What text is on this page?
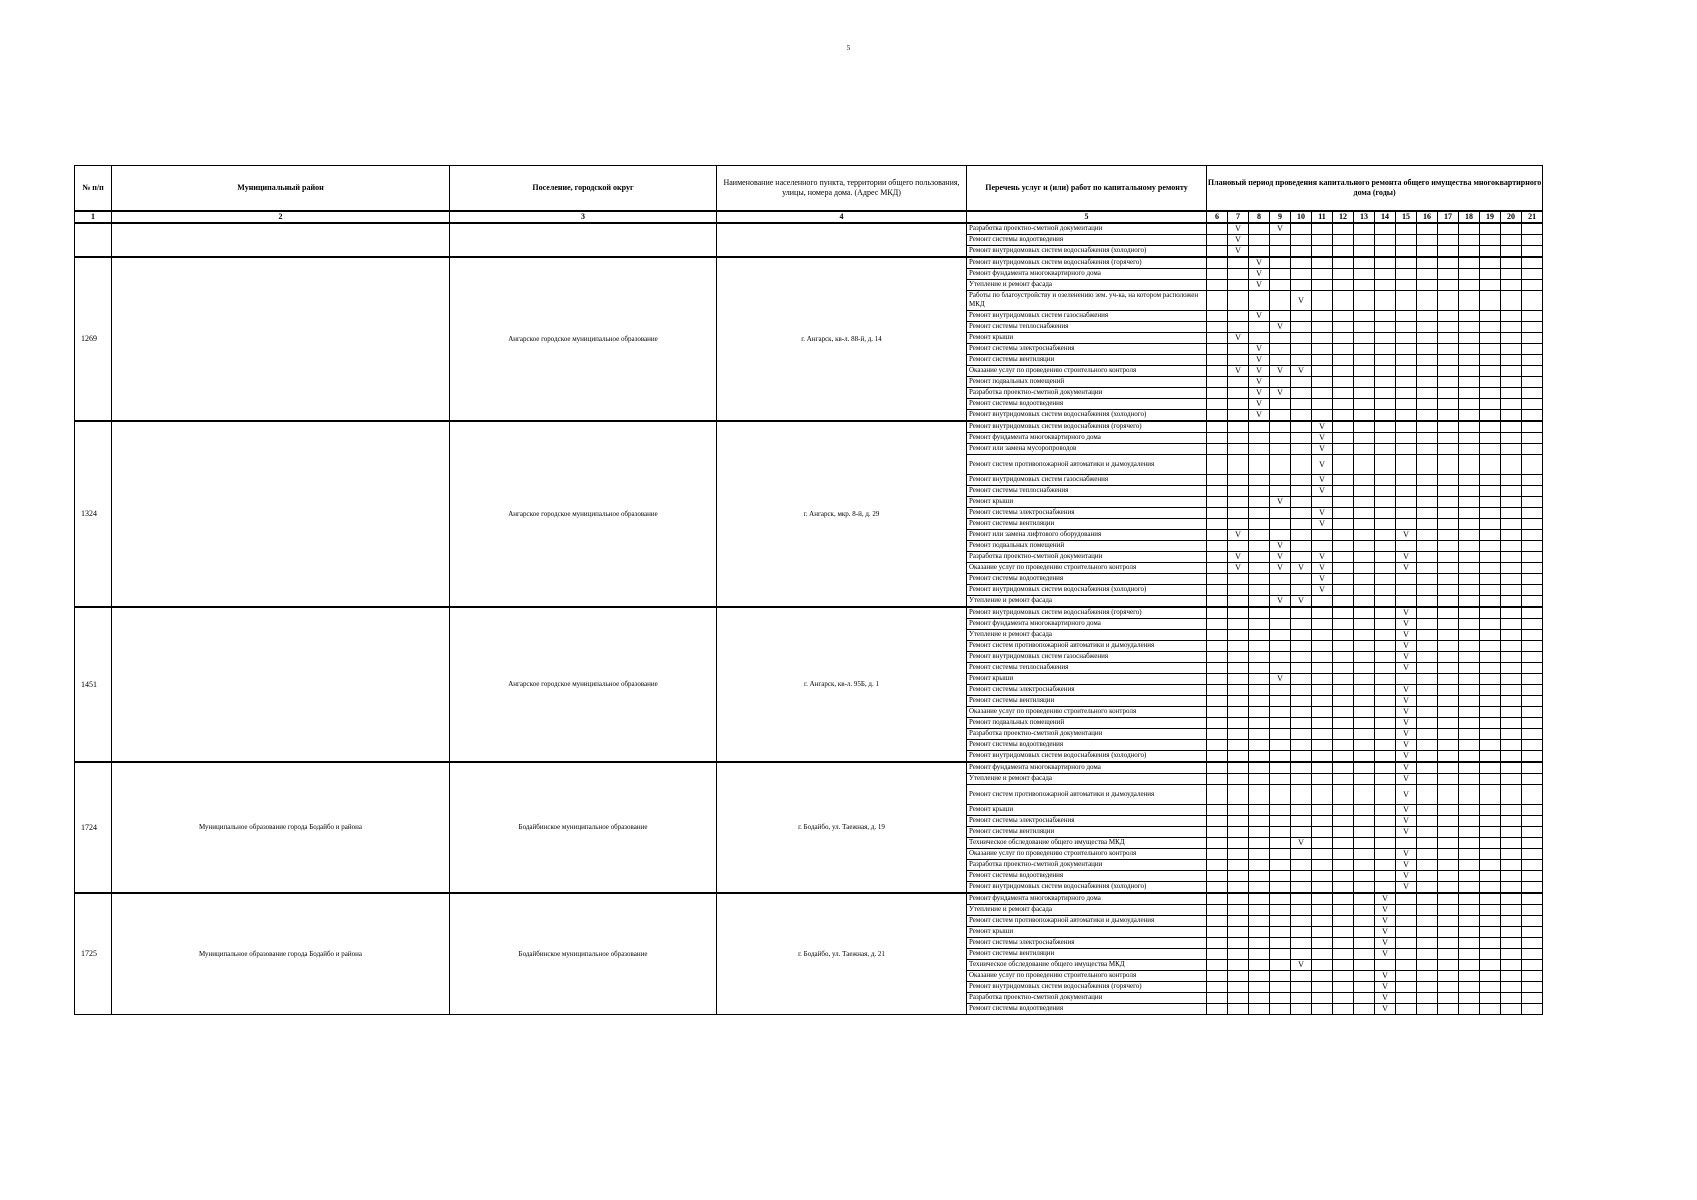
5
№ п/п	Муниципальный район	Поселение, городской округ	Наименование населенного пункта, территории общего пользования, улицы, номера дома. (Адрес МКД)	Перечень услуг и (или) работ по капитальному ремонту	Плановый период проведения капитального ремонта общего имущества многоквартирного дома (годы)															
1	2	3	4	5	6	7	8	9	10	11	12	13	14	15	16	17	18	19	20	21
				Разработка проектно-сметной документации		V		V												
				Ремонт системы водоотведения		V														
				Ремонт внутридомовых систем водоснабжения (холодного)		V														
1269		Ангарское городское муниципальное образование	г. Ангарск, кв-л. 88-й, д. 14	Ремонт внутридомовых систем водоснабжения (горячего)			V													
				Ремонт фундамента многоквартирного дома			V													
				Утепление и ремонт фасада			V													
				Работы по благоустройству и озеленению зем. уч-ка, на котором расположен МКД					V											
				Ремонт внутридомовых систем газоснабжения			V													
				Ремонт системы теплоснабжения				V												
				Ремонт крыши		V														
				Ремонт системы электроснабжения			V													
				Ремонт системы вентиляции			V													
				Оказание услуг по проведению строительного контроля		V	V	V	V											
				Ремонт подвальных помещений			V													
				Разработка проектно-сметной документации			V	V												
				Ремонт системы водоотведения			V													
				Ремонт внутридомовых систем водоснабжения (холодного)			V													
1324		Ангарское городское муниципальное образование	г. Ангарск, мкр. 8-й, д. 29	Ремонт внутридомовых систем водоснабжения (горячего)						V										
				Ремонт фундамента многоквартирного дома						V										
				Ремонт или замена мусоропроводов						V										
				Ремонт систем противопожарной автоматики и дымоудаления						V										
				Ремонт внутридомовых систем газоснабжения						V										
				Ремонт системы теплоснабжения						V										
				Ремонт крыши				V												
				Ремонт системы электроснабжения						V										
				Ремонт системы вентиляции						V										
				Ремонт или замена лифтового оборудования		V								V						
				Ремонт подвальных помещений				V												
				Разработка проектно-сметной документации		V		V		V				V						
				Оказание услуг по проведению строительного контроля		V		V	V	V				V						
				Ремонт системы водоотведения						V										
				Ремонт внутридомовых систем водоснабжения (холодного)						V										
				Утепление и ремонт фасада				V	V											
1451		Ангарское городское муниципальное образование	г. Ангарск, кв-л. 95Б, д. 1	Ремонт внутридомовых систем водоснабжения (горячего)										V						
				Ремонт фундамента многоквартирного дома										V						
				Утепление и ремонт фасада										V						
				Ремонт систем противопожарной автоматики и дымоудаления										V						
				Ремонт внутридомовых систем газоснабжения										V						
				Ремонт системы теплоснабжения										V						
				Ремонт крыши				V												
				Ремонт системы электроснабжения										V						
				Ремонт системы вентиляции										V						
				Оказание услуг по проведению строительного контроля										V						
				Ремонт подвальных помещений										V						
				Разработка проектно-сметной документации										V						
				Ремонт системы водоотведения										V						
				Ремонт внутридомовых систем водоснабжения (холодного)										V						
1724	Муниципальное образование города Бодайбо и района	Бодайбинское муниципальное образование	г. Бодайбо, ул. Таежная, д. 19	Ремонт фундамента многоквартирного дома										V						
				Утепление и ремонт фасада										V						
				Ремонт систем противопожарной автоматики и дымоудаления										V						
				Ремонт крыши										V						
				Ремонт системы электроснабжения										V						
				Ремонт системы вентиляции										V						
				Техническое обследование общего имущества МКД					V											
				Оказание услуг по проведению строительного контроля										V						
				Разработка проектно-сметной документации										V						
				Ремонт системы водоотведения										V						
				Ремонт внутридомовых систем водоснабжения (холодного)										V						
1725	Муниципальное образование города Бодайбо и района	Бодайбинское муниципальное образование	г. Бодайбо, ул. Таежная, д. 21	Ремонт фундамента многоквартирного дома									V							
				Утепление и ремонт фасада									V							
				Ремонт систем противопожарной автоматики и дымоудаления									V							
				Ремонт крыши									V							
				Ремонт системы электроснабжения									V							
				Ремонт системы вентиляции									V							
				Техническое обследование общего имущества МКД					V											
				Оказание услуг по проведению строительного контроля									V							
				Ремонт внутридомовых систем водоснабжения (горячего)									V							
				Разработка проектно-сметной документации									V							
				Ремонт системы водоотведения									V							
